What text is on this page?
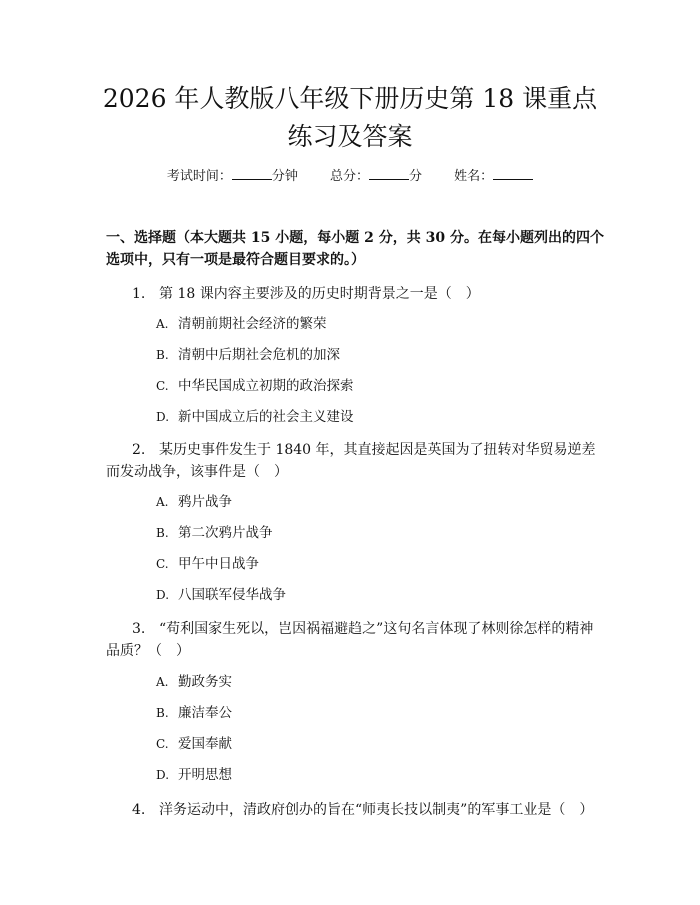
2026 年人教版八年级下册历史第 18 课重点
练习及答案
考试时间：	分钟 总分：	分 姓名：

一、选择题（本大题共 15 小题，每小题 2 分，共 30 分。在每小题列出的四个选项中，只有一项是最符合题目要求的。）

1. 第 18 课内容主要涉及的历史时期背景之一是（　）
A. 清朝前期社会经济的繁荣
B. 清朝中后期社会危机的加深
C. 中华民国成立初期的政治探索
D. 新中国成立后的社会主义建设
2. 某历史事件发生于 1840 年，其直接起因是英国为了扭转对华贸易逆差而发动战争，该事件是（　）
A. 鸦片战争
B. 第二次鸦片战争
C. 甲午中日战争
D. 八国联军侵华战争
3. “苟利国家生死以，岂因祸福避趋之”这句名言体现了林则徐怎样的精神品质？（　）
A. 勤政务实
B. 廉洁奉公
C. 爱国奉献
D. 开明思想
4. 洋务运动中，清政府创办的旨在“师夷长技以制夷”的军事工业是（　）
